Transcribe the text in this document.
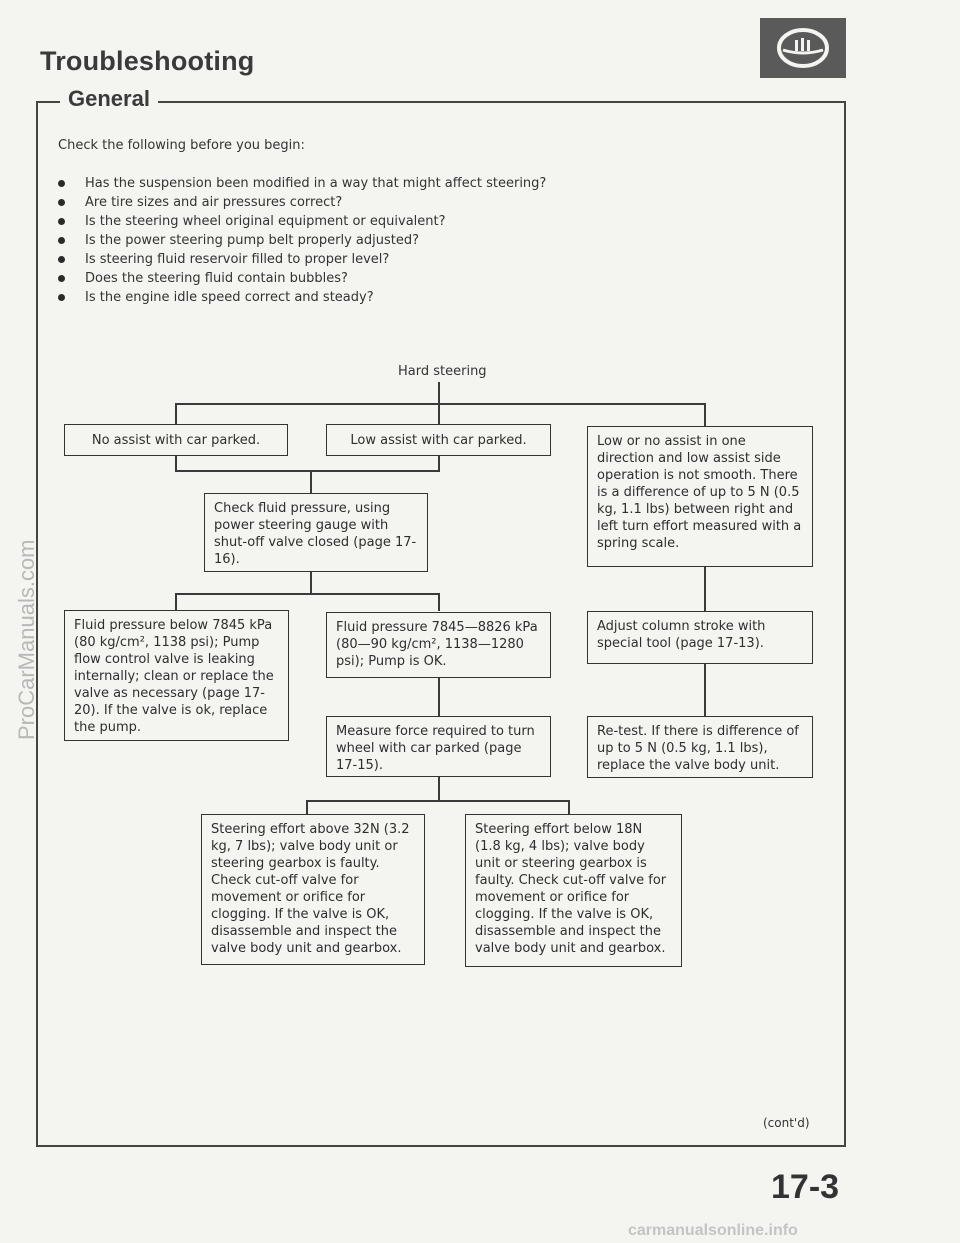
Troubleshooting
General
Check the following before you begin:
Has the suspension been modified in a way that might affect steering?
Are tire sizes and air pressures correct?
Is the steering wheel original equipment or equivalent?
Is the power steering pump belt properly adjusted?
Is steering fluid reservoir filled to proper level?
Does the steering fluid contain bubbles?
Is the engine idle speed correct and steady?
Hard steering
No assist with car parked.	Low assist with car parked.	Low or no assist in one direction and low assist side operation is not smooth. There is a difference of up to 5 N (0.5 kg, 1.1 lbs) between right and left turn effort measured with a spring scale.
Check fluid pressure, using power steering gauge with shut-off valve closed (page 17-16).
Fluid pressure below 7845 kPa (80 kg/cm², 1138 psi); Pump flow control valve is leaking internally; clean or replace the valve as necessary (page 17-20). If the valve is ok, replace the pump.
Fluid pressure 7845—8826 kPa (80—90 kg/cm², 1138—1280 psi); Pump is OK.
Adjust column stroke with special tool (page 17-13).
Measure force required to turn wheel with car parked (page 17-15).
Re-test. If there is difference of up to 5 N (0.5 kg, 1.1 lbs), replace the valve body unit.
Steering effort above 32N (3.2 kg, 7 lbs); valve body unit or steering gearbox is faulty. Check cut-off valve for movement or orifice for clogging. If the valve is OK, disassemble and inspect the valve body unit and gearbox.
Steering effort below 18N (1.8 kg, 4 lbs); valve body unit or steering gearbox is faulty. Check cut-off valve for movement or orifice for clogging. If the valve is OK, disassemble and inspect the valve body unit and gearbox.
(cont'd)
17-3
ProCarManuals.com
carmanualsonline.info
